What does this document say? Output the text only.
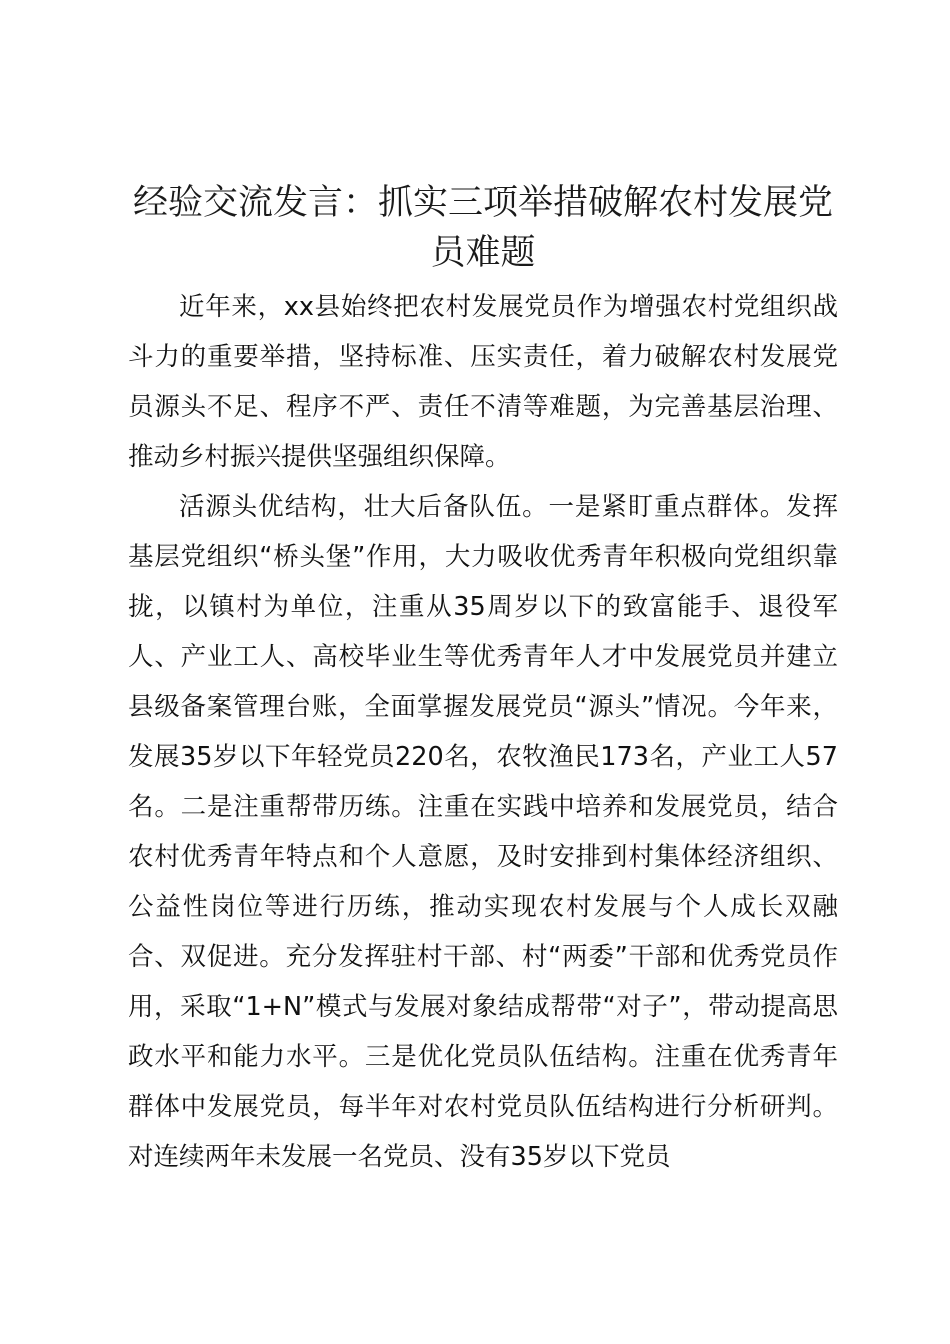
经验交流发言：抓实三项举措破解农村发展党员难题

近年来，xx县始终把农村发展党员作为增强农村党组织战斗力的重要举措，坚持标准、压实责任，着力破解农村发展党员源头不足、程序不严、责任不清等难题，为完善基层治理、推动乡村振兴提供坚强组织保障。

活源头优结构，壮大后备队伍。一是紧盯重点群体。发挥基层党组织“桥头堡”作用，大力吸收优秀青年积极向党组织靠拢，以镇村为单位，注重从35周岁以下的致富能手、退役军人、产业工人、高校毕业生等优秀青年人才中发展党员并建立县级备案管理台账，全面掌握发展党员“源头”情况。今年来，发展35岁以下年轻党员220名，农牧渔民173名，产业工人57名。二是注重帮带历练。注重在实践中培养和发展党员，结合农村优秀青年特点和个人意愿，及时安排到村集体经济组织、公益性岗位等进行历练，推动实现农村发展与个人成长双融合、双促进。充分发挥驻村干部、村“两委”干部和优秀党员作用，采取“1+N”模式与发展对象结成帮带“对子”，带动提高思政水平和能力水平。三是优化党员队伍结构。注重在优秀青年群体中发展党员，每半年对农村党员队伍结构进行分析研判。对连续两年未发展一名党员、没有35岁以下党员
